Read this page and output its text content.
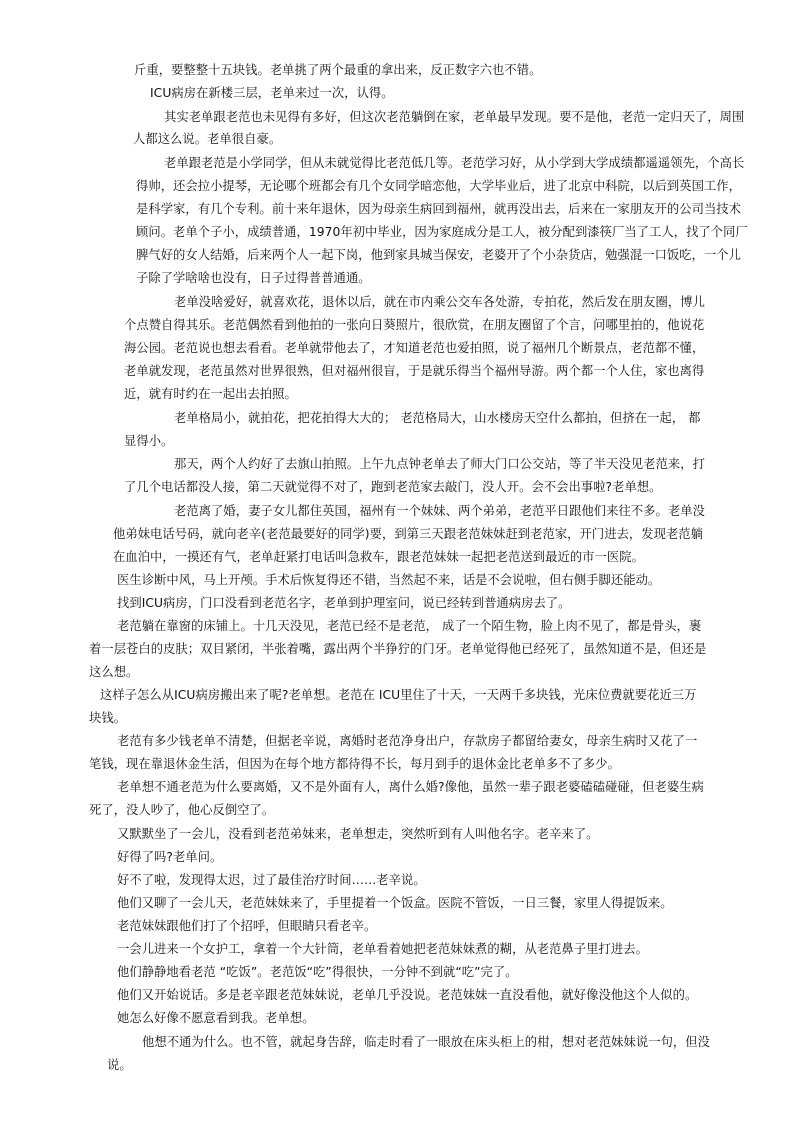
斤重，要整整十五块钱。老单挑了两个最重的拿出来，反正数字六也不错。
ICU病房在新楼三层，老单来过一次，认得。
其实老单跟老范也未见得有多好，但这次老范躺倒在家，老单最早发现。要不是他，老范一定归天了，周围
人都这么说。老单很自豪。
老单跟老范是小学同学，但从未就觉得比老范低几等。老范学习好，从小学到大学成绩都遥遥领先，个高长
得帅，还会拉小提琴，无论哪个班都会有几个女同学暗恋他，大学毕业后，进了北京中科院，以后到英国工作，
是科学家，有几个专利。前十来年退休，因为母亲生病回到福州，就再没出去，后来在一家朋友开的公司当技术
顾问。老单个子小，成绩普通，1970年初中毕业，因为家庭成分是工人，被分配到漆筷厂当了工人，找了个同厂
脾气好的女人结婚，后来两个人一起下岗，他到家具城当保安，老婆开了个小杂货店，勉强混一口饭吃，一个儿
子除了学啥啥也没有，日子过得普普通通。
老单没啥爱好，就喜欢花，退休以后，就在市内乘公交车各处游，专拍花，然后发在朋友圈，博儿
个点赞自得其乐。老范偶然看到他拍的一张向日葵照片，很欣赏，在朋友圈留了个言，问哪里拍的，他说花
海公园。老范说也想去看看。老单就带他去了，才知道老范也爱拍照，说了福州几个断景点，老范都不懂，
老单就发现，老范虽然对世界很熟，但对福州很盲，于是就乐得当个福州导游。两个都一个人住，家也离得
近，就有时约在一起出去拍照。
老单格局小，就拍花，把花拍得大大的； 老范格局大，山水楼房天空什么都拍，但挤在一起， 都
显得小。
那天，两个人约好了去旗山拍照。上午九点钟老单去了师大门口公交站，等了半天没见老范来，打
了几个电话都没人接，第二天就觉得不对了，跑到老范家去敲门，没人开。会不会出事啦?老单想。
老范离了婚，妻子女儿都住英国，福州有一个妹妹、两个弟弟，老范平日跟他们来往不多。老单没
他弟妹电话号码，就向老辛(老范最要好的同学)要，到第三天跟老范妹妹赶到老范家，开门进去，发现老范躺
在血泊中，一摸还有气，老单赶紧打电话叫急救车，跟老范妹妹一起把老范送到最近的市一医院。
医生诊断中风，马上开颅。手术后恢复得还不错，当然起不来，话是不会说啦，但右侧手脚还能动。
找到ICU病房，门口没看到老范名字，老单到护理室问，说已经转到普通病房去了。
老范躺在靠窗的床铺上。十几天没见，老范已经不是老范， 成了一个陌生物，脸上肉不见了，都是骨头，裹
着一层苍白的皮肤；双目紧闭，半张着嘴，露出两个半狰狞的门牙。老单觉得他已经死了，虽然知道不是，但还是
这么想。
这样子怎么从ICU病房搬出来了呢?老单想。老范在 ICU里住了十天，一天两千多块钱，光床位费就要花近三万
块钱。
老范有多少钱老单不清楚，但据老辛说，离婚时老范净身出户，存款房子都留给妻女，母亲生病时又花了一
笔钱，现在靠退休金生活，但因为在每个地方都待得不长，每月到手的退休金比老单多不了多少。
老单想不通老范为什么要离婚，又不是外面有人，离什么婚?像他，虽然一辈子跟老婆磕磕碰碰，但老婆生病
死了，没人吵了，他心反倒空了。
又默默坐了一会儿，没看到老范弟妹来，老单想走，突然听到有人叫他名字。老辛来了。
好得了吗?老单问。
好不了啦，发现得太迟，过了最佳治疗时间……老辛说。
他们又聊了一会儿天，老范妹妹来了，手里提着一个饭盒。医院不管饭，一日三餐，家里人得提饭来。
老范妹妹跟他们打了个招呼，但眼睛只看老辛。
一会儿进来一个女护工，拿着一个大针筒，老单看着她把老范妹妹煮的糊，从老范鼻子里打进去。
他们静静地看老范 “吃饭”。老范饭“吃”得很快，一分钟不到就“吃”完了。
他们又开始说话。多是老辛跟老范妹妹说，老单几乎没说。老范妹妹一直没看他，就好像没他这个人似的。
她怎么好像不愿意看到我。老单想。
他想不通为什么。也不管，就起身告辞，临走时看了一眼放在床头柜上的柑，想对老范妹妹说一句，但没
说。
